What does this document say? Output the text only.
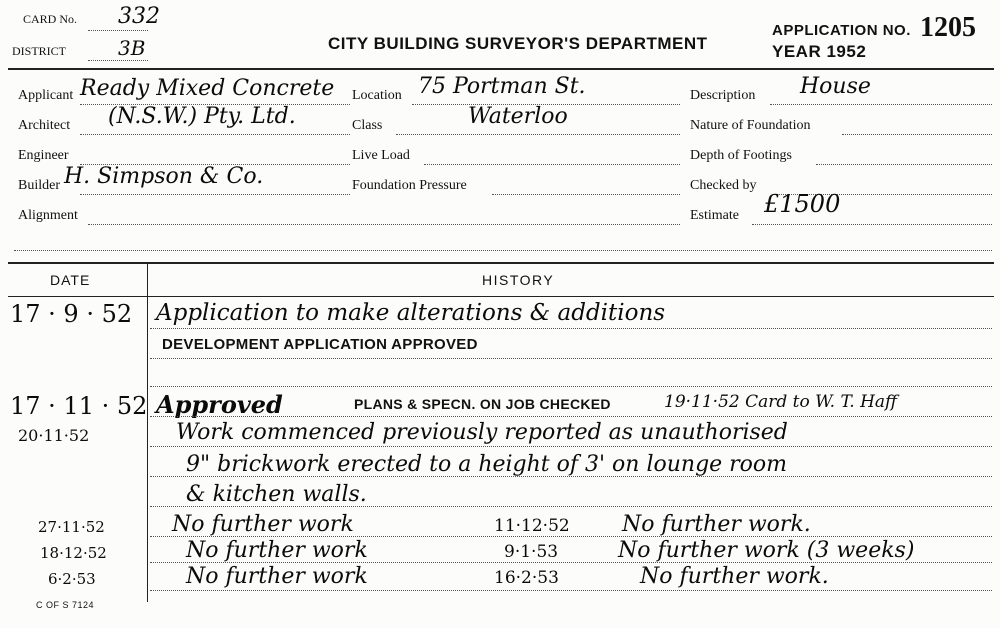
CARD No. 332
DISTRICT	3B	CITY BUILDING SURVEYOR'S DEPARTMENT
APPLICATION NO. 1205
YEAR 1952
Applicant Ready Mixed Concrete
Architect (N.S.W.) Pty. Ltd.
Engineer
Builder H. Simpson & Co.
Alignment
Location 75 Portman St.
Class	Waterloo
Live Load
Foundation Pressure
Description House
Nature of Foundation
Depth of Footings
Checked by
Estimate £1500
DATE	HISTORY
17 · 9 · 52 Application to make alterations & additions
DEVELOPMENT APPLICATION APPROVED
17 · 11 · 52 Approved	PLANS & SPECN. ON JOB CHECKED	19·11·52 Card to W. T. Haff
20·11·52	Work commenced previously reported as unauthorised
9" brickwork erected to a height of 3' on lounge room
& kitchen walls.
27·11·52	No further work	11·12·52 No further work.
18·12·52	No further work	9·1·53	No further work (3 weeks)
6·2·53	No further work	16·2·53	No further work.
C OF S 7124
